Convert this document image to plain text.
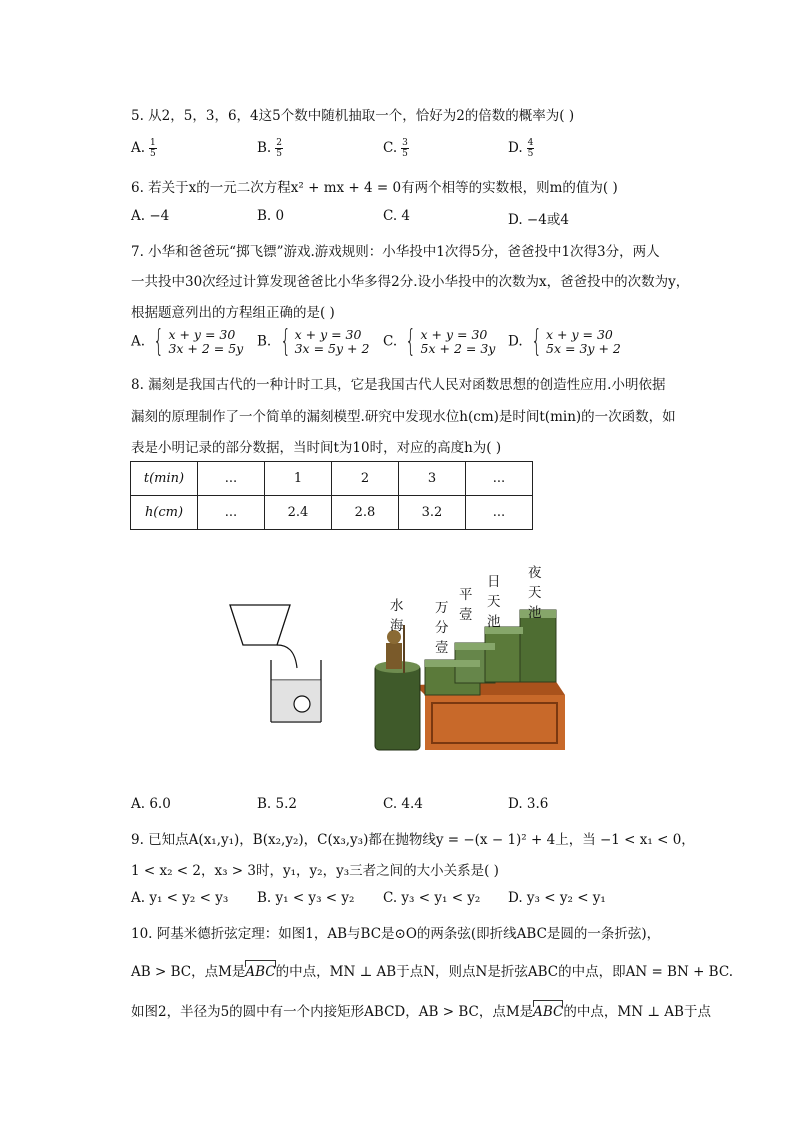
5. 从2，5，3，6，4这5个数中随机抽取一个，恰好为2的倍数的概率为( )
A. $\frac{1}{5}$	B. $\frac{2}{5}$	C. $\frac{3}{5}$	D. $\frac{4}{5}$
6. 若关于x的一元二次方程x² + mx + 4 = 0有两个相等的实数根，则m的值为( )
A. −4	B. 0	C. 4	D. −4或4
7. 小华和爸爸玩“掷飞镖”游戏.游戏规则：小华投中1次得5分，爸爸投中1次得3分，两人
一共投中30次经过计算发现爸爸比小华多得2分.设小华投中的次数为x，爸爸投中的次数为y，
根据题意列出的方程组正确的是( )
A. { x + y = 30
3x + 2 = 5y B. { x + y = 30
3x = 5y + 2 C. { x + y = 30
5x + 2 = 3y D. { x + y = 30
5x = 3y + 2
8. 漏刻是我国古代的一种计时工具，它是我国古代人民对函数思想的创造性应用.小明依据
漏刻的原理制作了一个简单的漏刻模型.研究中发现水位h(cm)是时间t(min)的一次函数，如
表是小明记录的部分数据，当时间t为10时，对应的高度h为( )
t(min)	...	1	2	3	...
h(cm)	...	2.4	2.8	3.2	...
水
海
万
分
壹
平
壹
日
天
池
夜
天
池
A. 6.0	B. 5.2	C. 4.4	D. 3.6
9. 已知点A(x₁,y₁)，B(x₂,y₂)，C(x₃,y₃)都在抛物线y = −(x − 1)² + 4上，当 −1 < x₁ < 0，
1 < x₂ < 2，x₃ > 3时，y₁，y₂，y₃三者之间的大小关系是( )
A. y₁ < y₂ < y₃ B. y₁ < y₃ < y₂ C. y₃ < y₁ < y₂ D. y₃ < y₂ < y₁
10. 阿基米德折弦定理：如图1，AB与BC是⊙O的两条弦(即折线ABC是圆的一条折弦)，
AB > BC，点M是
ABC的中点，MN ⊥ AB于点N，则点N是折弦ABC的中点，即AN = BN + BC.
如图2，半径为5的圆中有一个内接矩形ABCD，AB > BC，点M是
ABC的中点，MN ⊥ AB于点
